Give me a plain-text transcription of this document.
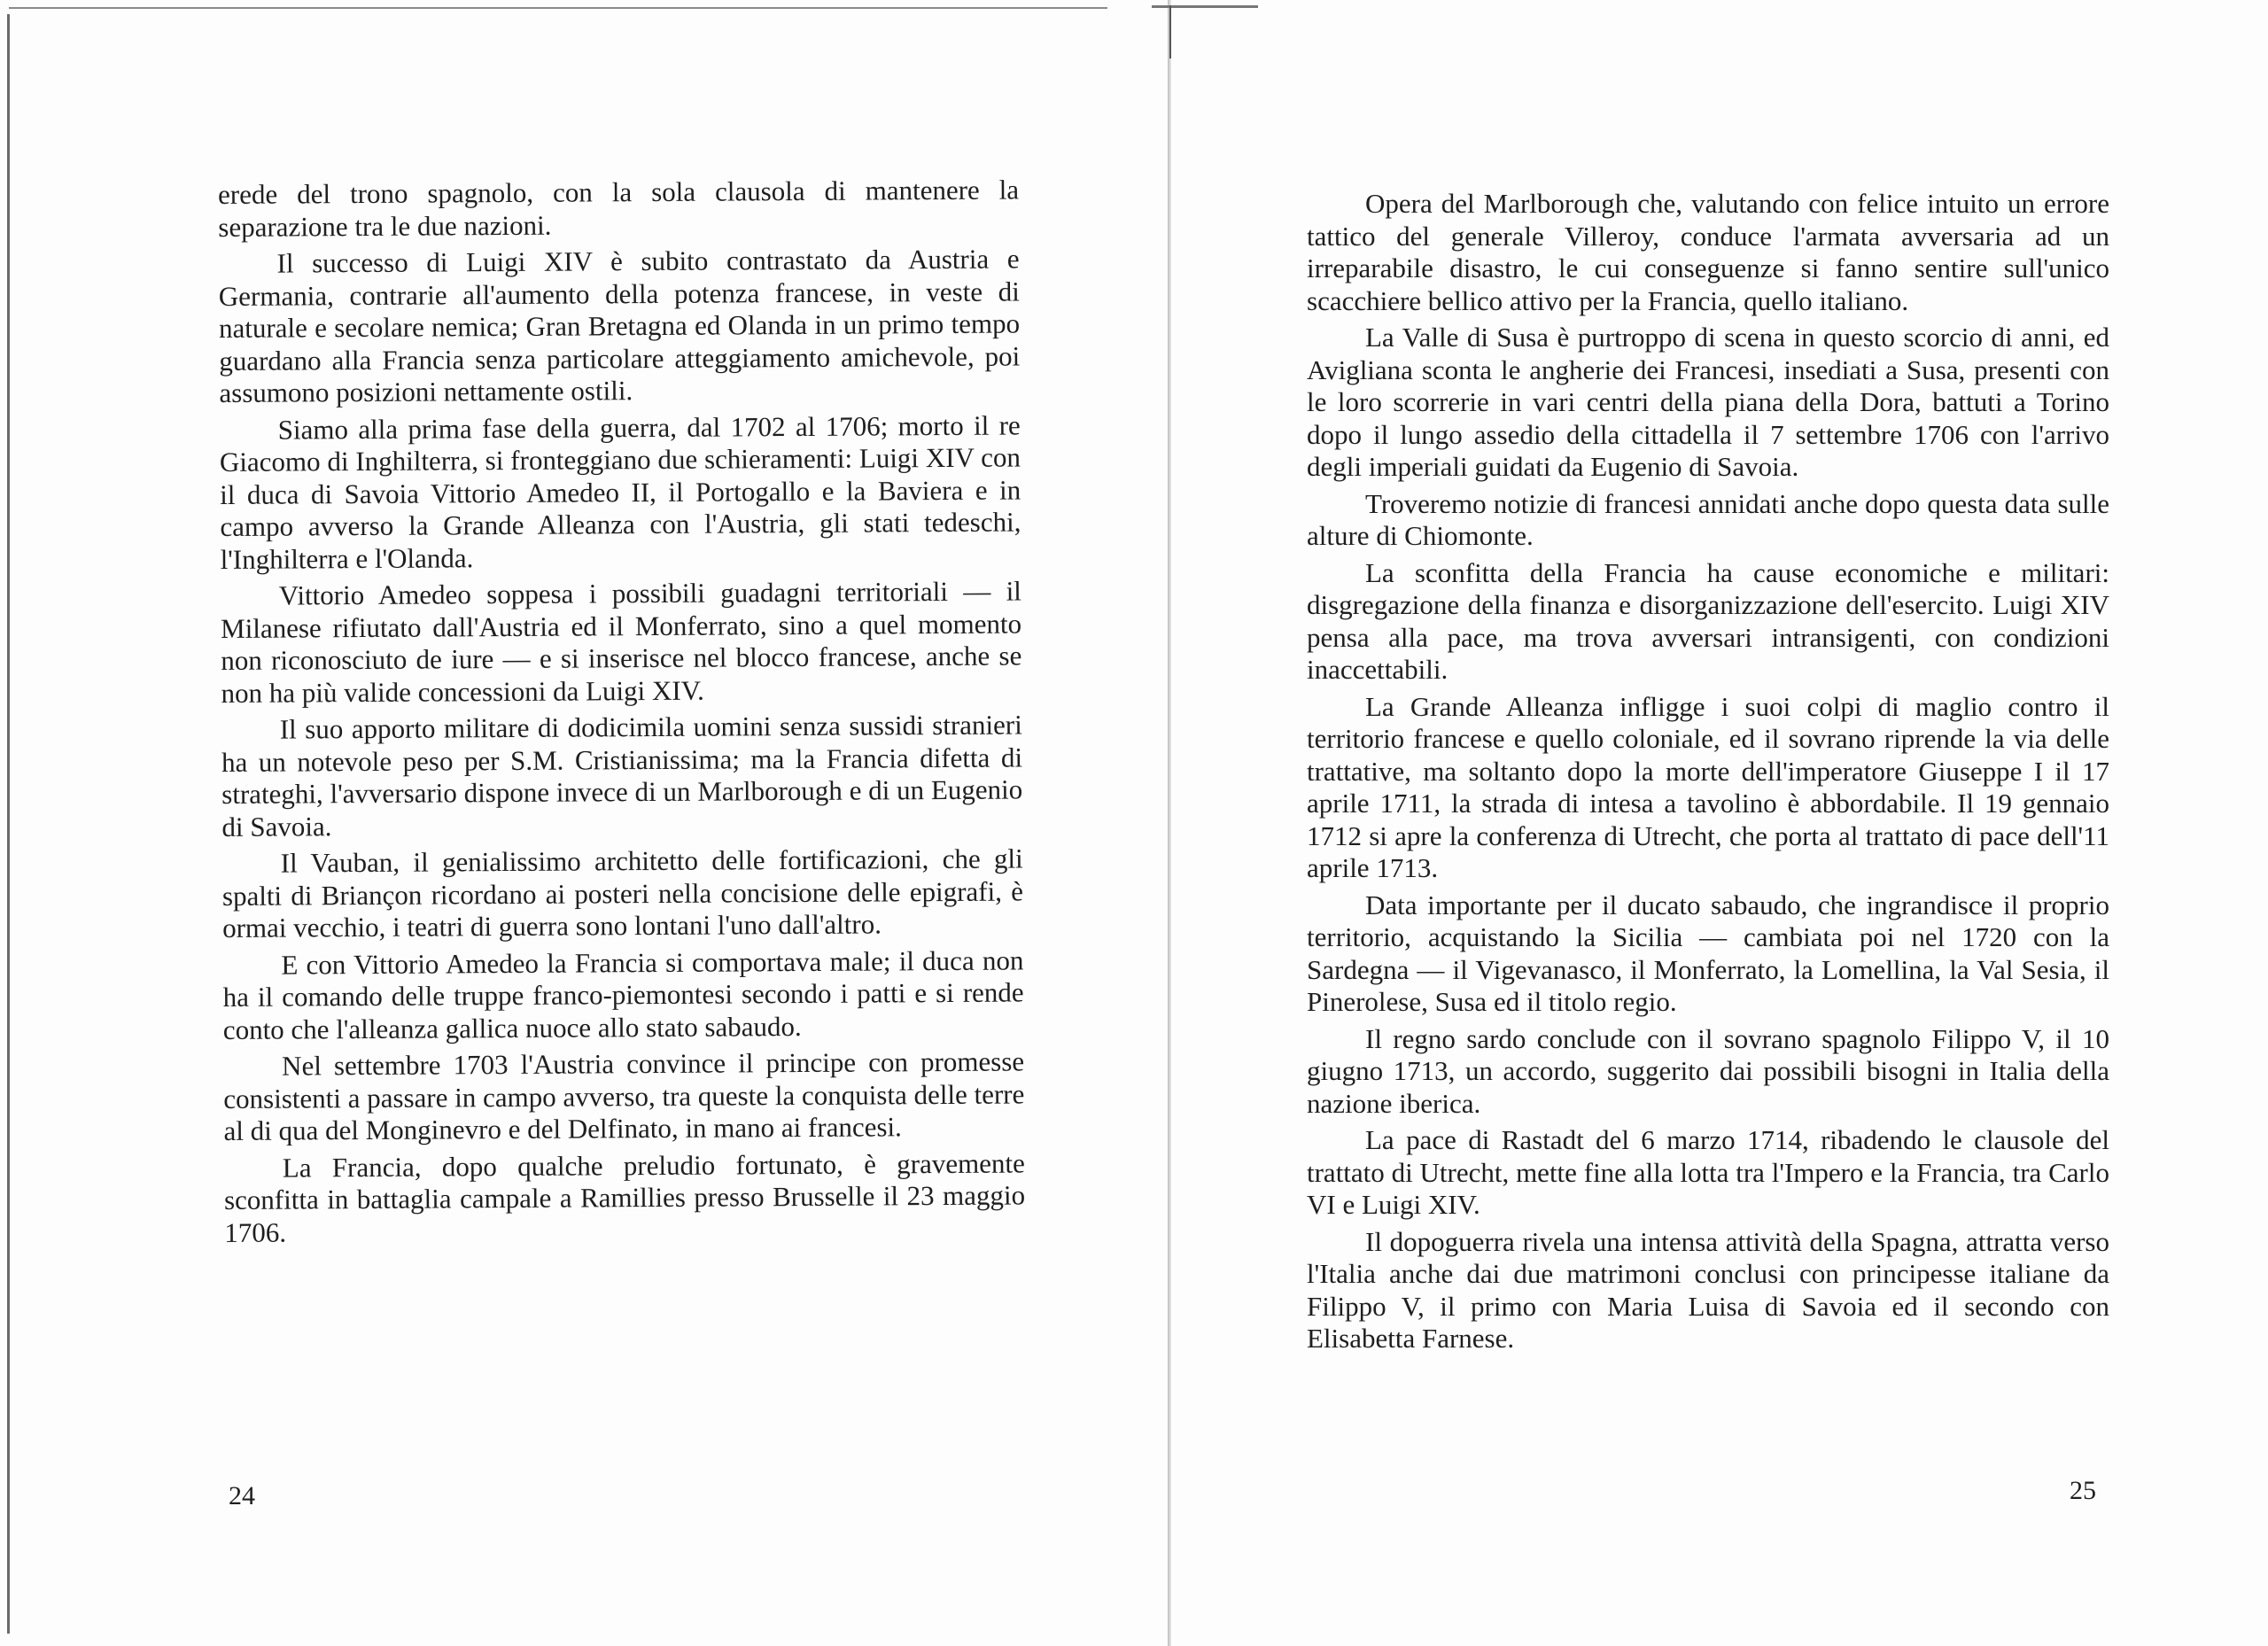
erede del trono spagnolo, con la sola clausola di mantenere la separazione tra le due nazioni.

Il successo di Luigi XIV è subito contrastato da Austria e Germania, contrarie all'aumento della potenza francese, in veste di naturale e secolare nemica; Gran Bretagna ed Olanda in un primo tempo guardano alla Francia senza particolare atteggiamento amichevole, poi assumono posizioni nettamente ostili.

Siamo alla prima fase della guerra, dal 1702 al 1706; morto il re Giacomo di Inghilterra, si fronteggiano due schieramenti: Luigi XIV con il duca di Savoia Vittorio Amedeo II, il Portogallo e la Baviera e in campo avverso la Grande Alleanza con l'Austria, gli stati tedeschi, l'Inghilterra e l'Olanda.

Vittorio Amedeo soppesa i possibili guadagni territoriali — il Milanese rifiutato dall'Austria ed il Monferrato, sino a quel momento non riconosciuto de iure — e si inserisce nel blocco francese, anche se non ha più valide concessioni da Luigi XIV.

Il suo apporto militare di dodicimila uomini senza sussidi stranieri ha un notevole peso per S.M. Cristianissima; ma la Francia difetta di strateghi, l'avversario dispone invece di un Marlborough e di un Eugenio di Savoia.

Il Vauban, il genialissimo architetto delle fortificazioni, che gli spalti di Briançon ricordano ai posteri nella concisione delle epigrafi, è ormai vecchio, i teatri di guerra sono lontani l'uno dall'altro.

E con Vittorio Amedeo la Francia si comportava male; il duca non ha il comando delle truppe franco-piemontesi secondo i patti e si rende conto che l'alleanza gallica nuoce allo stato sabaudo.

Nel settembre 1703 l'Austria convince il principe con promesse consistenti a passare in campo avverso, tra queste la conquista delle terre al di qua del Monginevro e del Delfinato, in mano ai francesi.

La Francia, dopo qualche preludio fortunato, è gravemente sconfitta in battaglia campale a Ramillies presso Brusselle il 23 maggio 1706.

24

Opera del Marlborough che, valutando con felice intuito un errore tattico del generale Villeroy, conduce l'armata avversaria ad un irreparabile disastro, le cui conseguenze si fanno sentire sull'unico scacchiere bellico attivo per la Francia, quello italiano.

La Valle di Susa è purtroppo di scena in questo scorcio di anni, ed Avigliana sconta le angherie dei Francesi, insediati a Susa, presenti con le loro scorrerie in vari centri della piana della Dora, battuti a Torino dopo il lungo assedio della cittadella il 7 settembre 1706 con l'arrivo degli imperiali guidati da Eugenio di Savoia.

Troveremo notizie di francesi annidati anche dopo questa data sulle alture di Chiomonte.

La sconfitta della Francia ha cause economiche e militari: disgregazione della finanza e disorganizzazione dell'esercito. Luigi XIV pensa alla pace, ma trova avversari intransigenti, con condizioni inaccettabili.

La Grande Alleanza infligge i suoi colpi di maglio contro il territorio francese e quello coloniale, ed il sovrano riprende la via delle trattative, ma soltanto dopo la morte dell'imperatore Giuseppe I il 17 aprile 1711, la strada di intesa a tavolino è abbordabile. Il 19 gennaio 1712 si apre la conferenza di Utrecht, che porta al trattato di pace dell'11 aprile 1713.

Data importante per il ducato sabaudo, che ingrandisce il proprio territorio, acquistando la Sicilia — cambiata poi nel 1720 con la Sardegna — il Vigevanasco, il Monferrato, la Lomellina, la Val Sesia, il Pinerolese, Susa ed il titolo regio.

Il regno sardo conclude con il sovrano spagnolo Filippo V, il 10 giugno 1713, un accordo, suggerito dai possibili bisogni in Italia della nazione iberica.

La pace di Rastadt del 6 marzo 1714, ribadendo le clausole del trattato di Utrecht, mette fine alla lotta tra l'Impero e la Francia, tra Carlo VI e Luigi XIV.

Il dopoguerra rivela una intensa attività della Spagna, attratta verso l'Italia anche dai due matrimoni conclusi con principesse italiane da Filippo V, il primo con Maria Luisa di Savoia ed il secondo con Elisabetta Farnese.

25
